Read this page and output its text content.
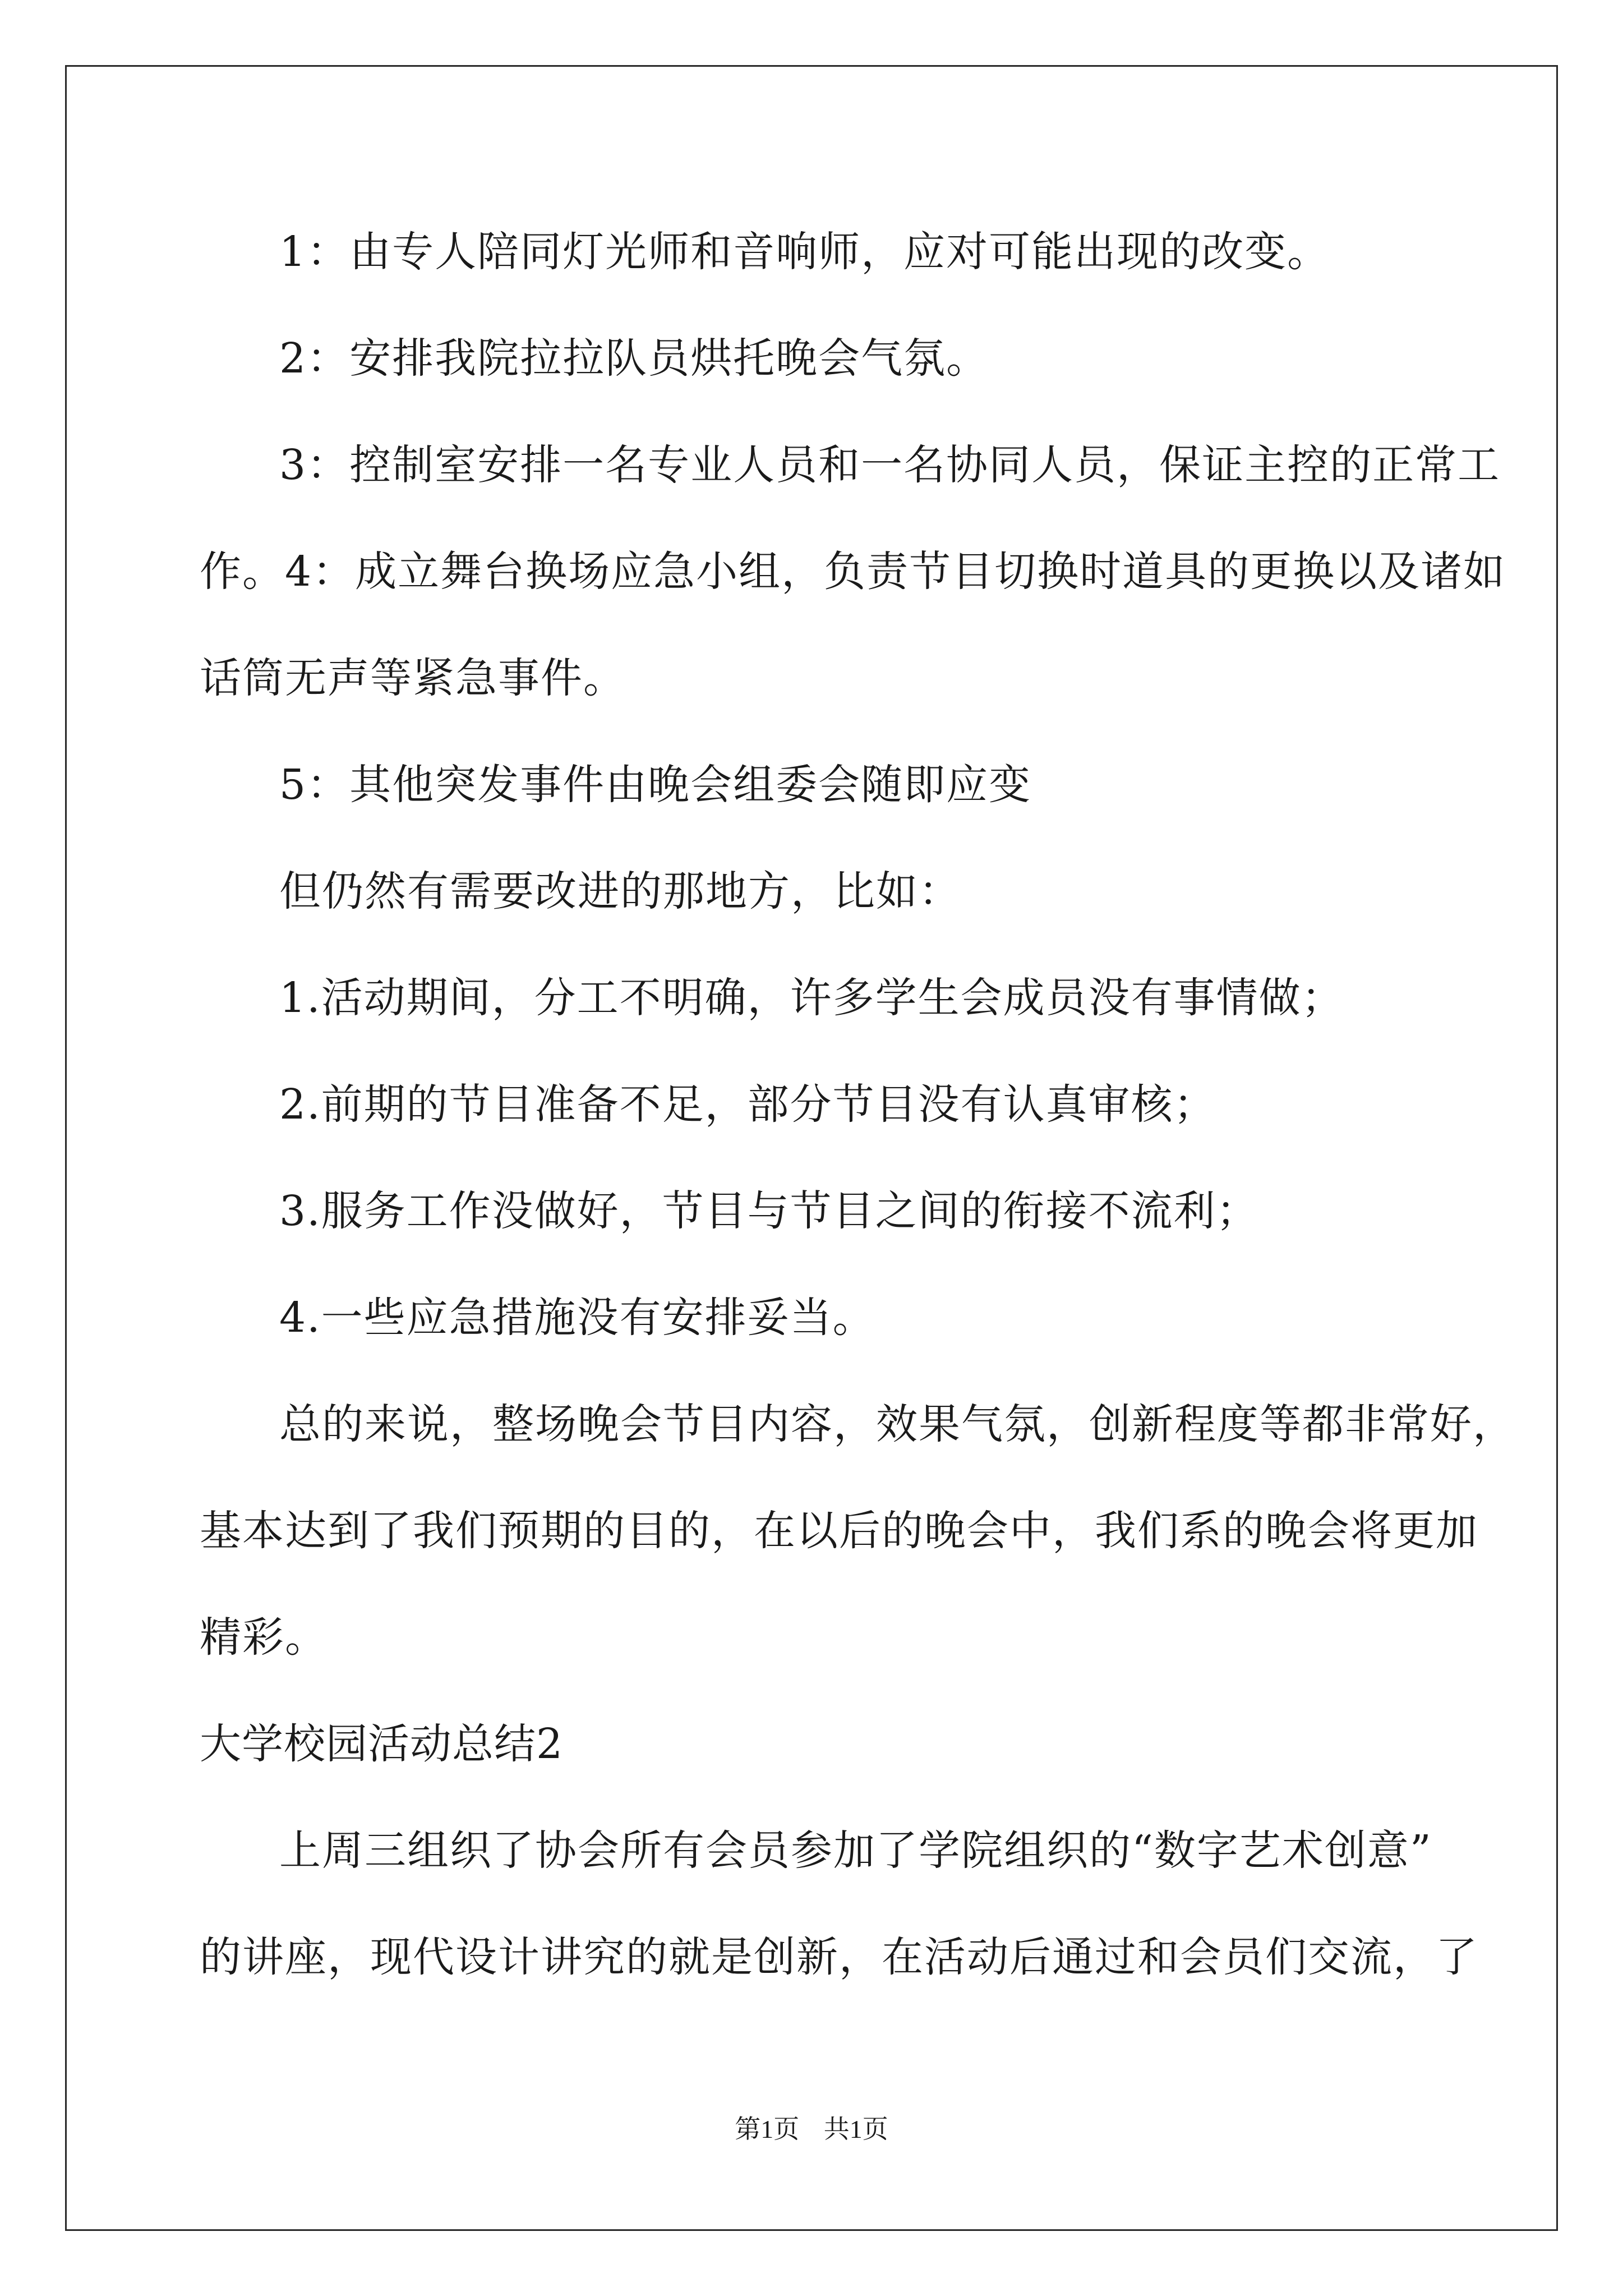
1：由专人陪同灯光师和音响师，应对可能出现的改变。
2：安排我院拉拉队员烘托晚会气氛。
3：控制室安排一名专业人员和一名协同人员，保证主控的正常工
作。4：成立舞台换场应急小组，负责节目切换时道具的更换以及诸如
话筒无声等紧急事件。
5：其他突发事件由晚会组委会随即应变
但仍然有需要改进的那地方，比如：
1.活动期间，分工不明确，许多学生会成员没有事情做；
2.前期的节目准备不足，部分节目没有认真审核；
3.服务工作没做好，节目与节目之间的衔接不流利；
4.一些应急措施没有安排妥当。
总的来说，整场晚会节目内容，效果气氛，创新程度等都非常好，
基本达到了我们预期的目的，在以后的晚会中，我们系的晚会将更加
精彩。
大学校园活动总结2
上周三组织了协会所有会员参加了学院组织的“数字艺术创意”
的讲座，现代设计讲究的就是创新，在活动后通过和会员们交流，了
第1页 共1页
